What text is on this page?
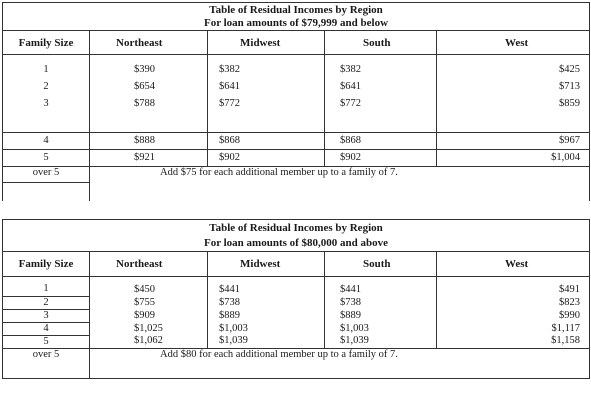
Table of Residual Incomes by Region				
For loan amounts of $79,999 and below				
Family Size	Northeast	Midwest	South	West

1	$390	$382	$382	$425
2	$654	$641	$641	$713
3	$788	$772	$772	$859

4	$888	$868	$868	$967
5	$921	$902	$902	$1,004
over 5	Add $75 for each additional member up to a family of 7.			

Table of Residual Incomes by Region				
For loan amounts of $80,000 and above				
Family Size	Northeast	Midwest	South	West

1	$450	$441	$441	$491
2	$755	$738	$738	$823
3	$909	$889	$889	$990
4	$1,025	$1,003	$1,003	$1,117
5	$1,062	$1,039	$1,039	$1,158
over 5	Add $80 for each additional member up to a family of 7.			
